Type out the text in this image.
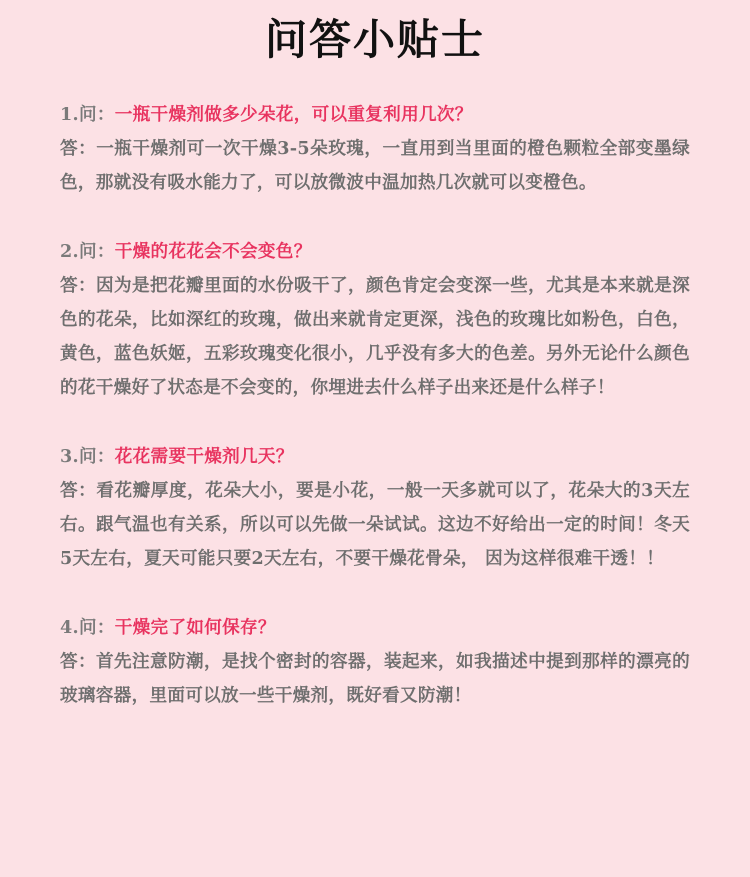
问答小贴士
1.问：一瓶干燥剂做多少朵花，可以重复利用几次？
答：一瓶干燥剂可一次干燥3-5朵玫瑰，一直用到当里面的橙色颗粒全部变墨绿色，那就没有吸水能力了，可以放微波中温加热几次就可以变橙色。
2.问：干燥的花花会不会变色？
答：因为是把花瓣里面的水份吸干了，颜色肯定会变深一些，尤其是本来就是深色的花朵，比如深红的玫瑰，做出来就肯定更深，浅色的玫瑰比如粉色，白色，黄色，蓝色妖姬，五彩玫瑰变化很小，几乎没有多大的色差。另外无论什么颜色的花干燥好了状态是不会变的，你埋进去什么样子出来还是什么样子！
3.问：花花需要干燥剂几天？
答：看花瓣厚度，花朵大小，要是小花，一般一天多就可以了，花朵大的3天左右。跟气温也有关系，所以可以先做一朵试试。这边不好给出一定的时间！冬天5天左右，夏天可能只要2天左右，不要干燥花骨朵， 因为这样很难干透！！
4.问：干燥完了如何保存？
答：首先注意防潮，是找个密封的容器，装起来，如我描述中提到那样的漂亮的玻璃容器，里面可以放一些干燥剂，既好看又防潮！
